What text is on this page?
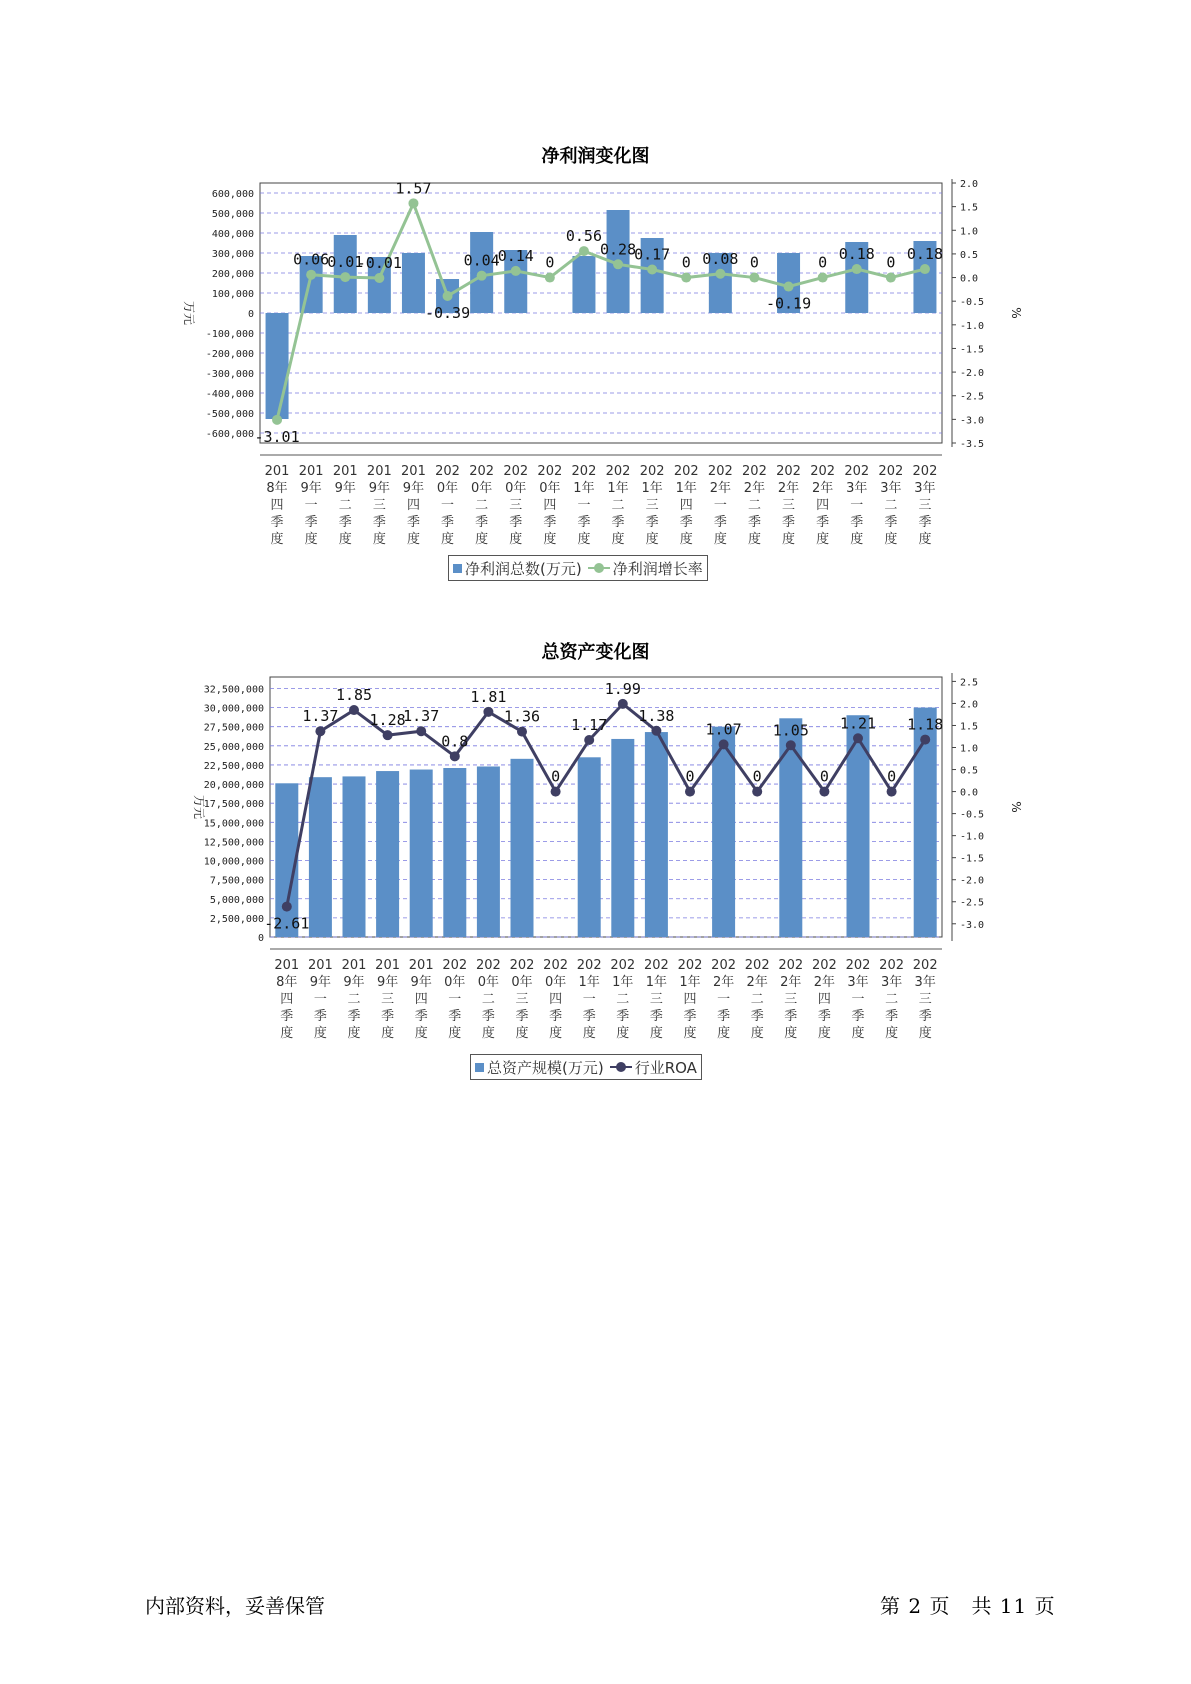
净利润变化图
600,000
500,000
400,000
300,000
200,000
100,000
0
-100,000
-200,000
-300,000
-400,000
-500,000
-600,000
2.0
1.5
1.0
0.5
0.0
-0.5
-1.0
-1.5
-2.0
-2.5
-3.0
-3.5
万元	%
-3.01
0.06
0.01
-0.01
1.57
-0.39
0.04
0.14 0
0.56
0.28
0.17 0 0.08 0
-0.19
0 0.18 0 0.18
201
8年
四
季
度
201
9年
一
季
度
201
9年
二
季
度
201
9年
三
季
度
201
9年
四
季
度
202
0年
一
季
度
202
0年
二
季
度
202
0年
三
季
度
202
0年
四
季
度
202
1年
一
季
度
202
1年
二
季
度
202
1年
三
季
度
202
1年
四
季
度
202
2年
一
季
度
202
2年
二
季
度
202
2年
三
季
度
202
2年
四
季
度
202
3年
一
季
度
202
3年
二
季
度
202
3年
三
季
度
净利润总数(万元) 净利润增长率
总资产变化图
32,500,000
30,000,000
27,500,000
25,000,000
22,500,000
20,000,000
17,500,000
15,000,000
12,500,000
10,000,000
7,500,000
5,000,000
2,500,000
0
2.5
2.0
1.5
1.0
0.5
0.0
-0.5
-1.0
-1.5
-2.0
-2.5
-3.0
万元	%
-2.61
1.37
1.85
1.28
1.37
0.8
1.81
1.36
0
1.17
1.99
1.38
0
1.07
0
1.05
0
1.21
0
1.18
201
8年
四
季
度
201
9年
一
季
度
201
9年
二
季
度
201
9年
三
季
度
201
9年
四
季
度
202
0年
一
季
度
202
0年
二
季
度
202
0年
三
季
度
202
0年
四
季
度
202
1年
一
季
度
202
1年
二
季
度
202
1年
三
季
度
202
1年
四
季
度
202
2年
一
季
度
202
2年
二
季
度
202
2年
三
季
度
202
2年
四
季
度
202
3年
一
季
度
202
3年
二
季
度
202
3年
三
季
度
总资产规模(万元) 行业ROA
内部资料，妥善保管	第 2 页　共 11 页
